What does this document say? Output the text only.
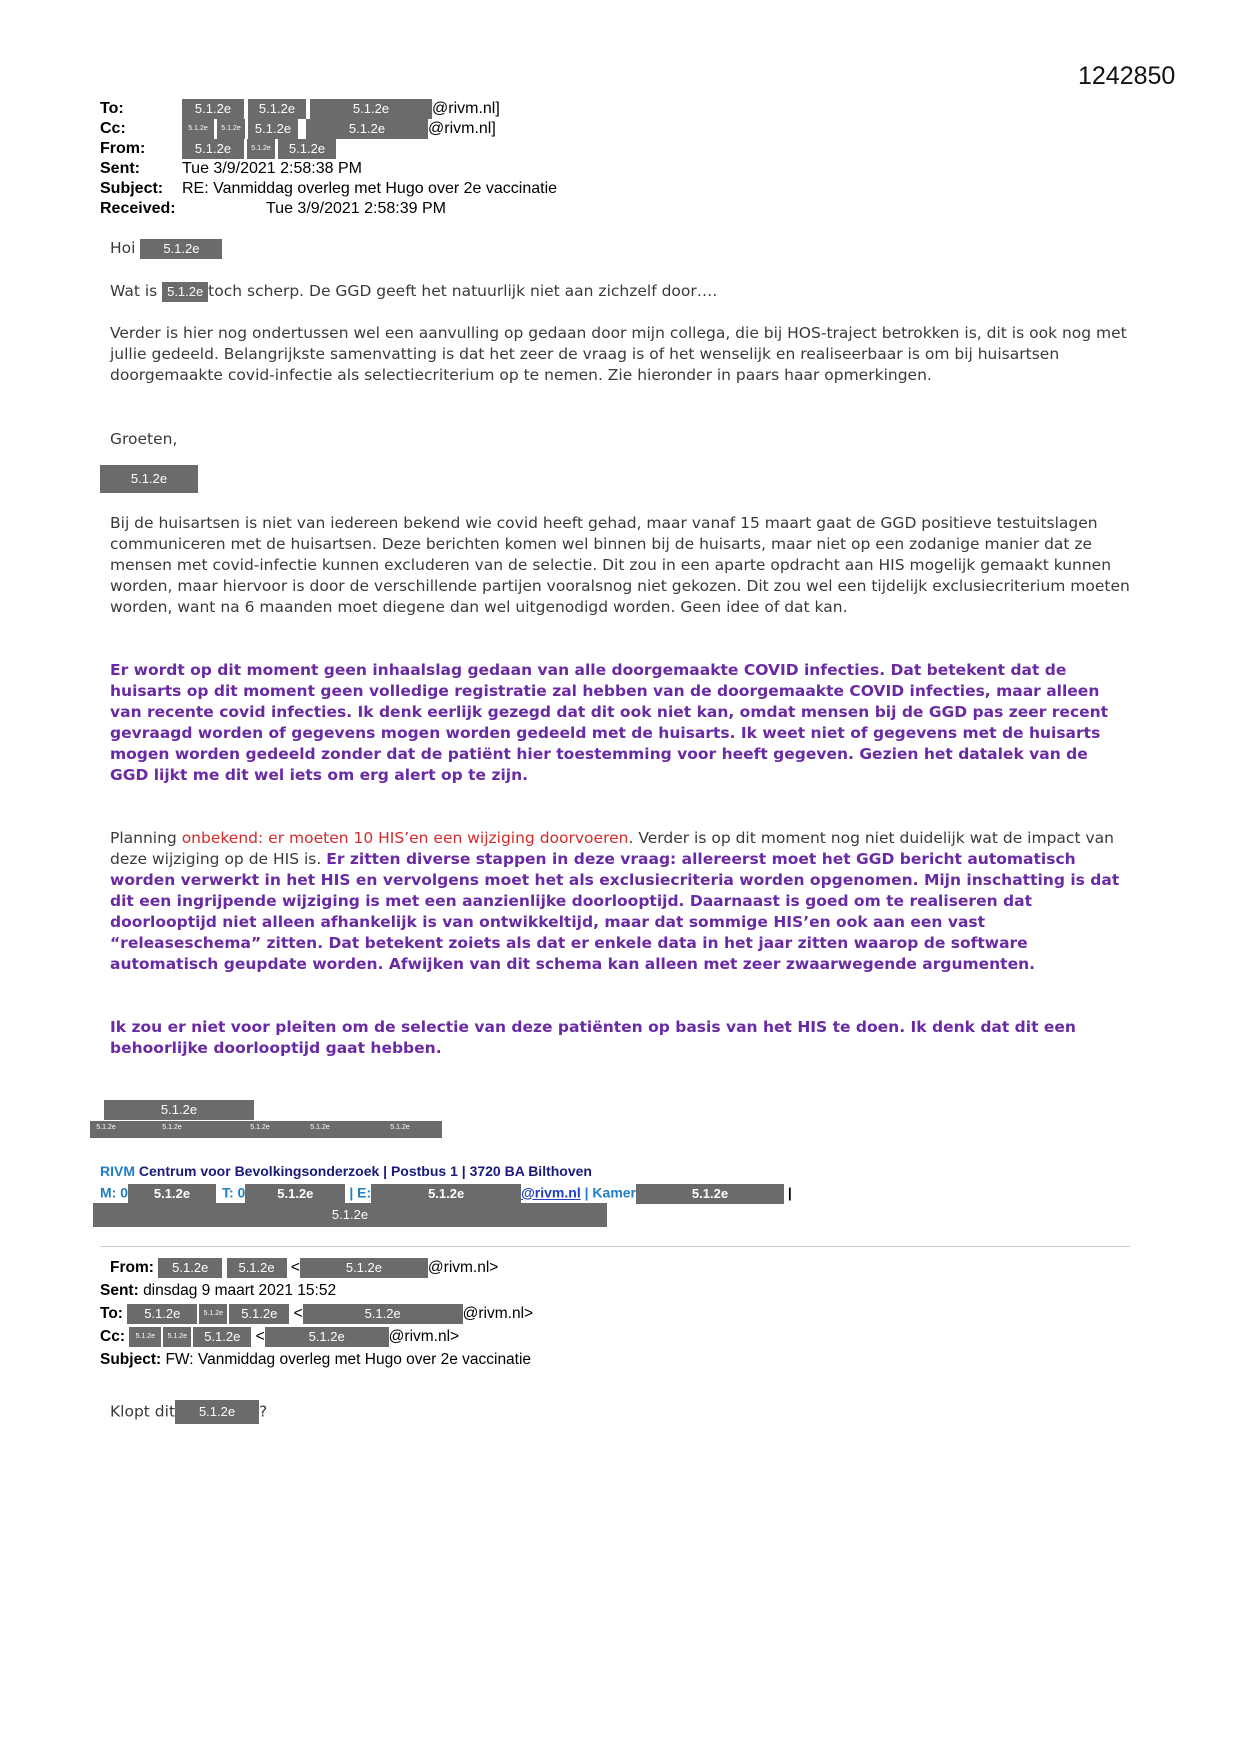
1242850
To:	5.1.2e 5.1.2e	5.1.2e	@rivm.nl]
Cc:	5.1.2e 5.1.2e 5.1.2e	5.1.2e	@rivm.nl]
From:	5.1.2e	5.1.2e 5.1.2e
Sent:	Tue 3/9/2021 2:58:38 PM
Subject: RE: Vanmiddag overleg met Hugo over 2e vaccinatie
Received:	Tue 3/9/2021 2:58:39 PM
Hoi 5.1.2e
Wat is 5.1.2e toch scherp. De GGD geeft het natuurlijk niet aan zichzelf door….
Verder is hier nog ondertussen wel een aanvulling op gedaan door mijn collega, die bij HOS-traject betrokken is, dit is ook nog met jullie gedeeld. Belangrijkste samenvatting is dat het zeer de vraag is of het wenselijk en realiseerbaar is om bij huisartsen doorgemaakte covid-infectie als selectiecriterium op te nemen. Zie hieronder in paars haar opmerkingen.
Groeten,
5.1.2e
Bij de huisartsen is niet van iedereen bekend wie covid heeft gehad, maar vanaf 15 maart gaat de GGD positieve testuitslagen communiceren met de huisartsen. Deze berichten komen wel binnen bij de huisarts, maar niet op een zodanige manier dat ze mensen met covid-infectie kunnen excluderen van de selectie. Dit zou in een aparte opdracht aan HIS mogelijk gemaakt kunnen worden, maar hiervoor is door de verschillende partijen vooralsnog niet gekozen. Dit zou wel een tijdelijk exclusiecriterium moeten worden, want na 6 maanden moet diegene dan wel uitgenodigd worden. Geen idee of dat kan.
Er wordt op dit moment geen inhaalslag gedaan van alle doorgemaakte COVID infecties. Dat betekent dat de huisarts op dit moment geen volledige registratie zal hebben van de doorgemaakte COVID infecties, maar alleen van recente covid infecties. Ik denk eerlijk gezegd dat dit ook niet kan, omdat mensen bij de GGD pas zeer recent gevraagd worden of gegevens mogen worden gedeeld met de huisarts. Ik weet niet of gegevens met de huisarts mogen worden gedeeld zonder dat de patiënt hier toestemming voor heeft gegeven. Gezien het datalek van de GGD lijkt me dit wel iets om erg alert op te zijn.
Planning onbekend: er moeten 10 HIS’en een wijziging doorvoeren. Verder is op dit moment nog niet duidelijk wat de impact van deze wijziging op de HIS is. Er zitten diverse stappen in deze vraag: allereerst moet het GGD bericht automatisch worden verwerkt in het HIS en vervolgens moet het als exclusiecriteria worden opgenomen. Mijn inschatting is dat dit een ingrijpende wijziging is met een aanzienlijke doorlooptijd. Daarnaast is goed om te realiseren dat doorlooptijd niet alleen afhankelijk is van ontwikkeltijd, maar dat sommige HIS’en ook aan een vast “releaseschema” zitten. Dat betekent zoiets als dat er enkele data in het jaar zitten waarop de software automatisch geupdate worden. Afwijken van dit schema kan alleen met zeer zwaarwegende argumenten.
Ik zou er niet voor pleiten om de selectie van deze patiënten op basis van het HIS te doen. Ik denk dat dit een behoorlijke doorlooptijd gaat hebben.
5.1.2e
5.1.2e	5.1.2e	5.1.2e	5.1.2e	5.1.2e
RIVM Centrum voor Bevolkingsonderzoek | Postbus 1 | 3720 BA Bilthoven
M: 0 5.1.2e T: 0 5.1.2e	| E:	5.1.2e	@rivm.nl | Kamer	5.1.2e	|
5.1.2e
From: 5.1.2e 5.1.2e <	5.1.2e	@rivm.nl>
Sent: dinsdag 9 maart 2021 15:52
To: 5.1.2e	5.1.2e 5.1.2e <	5.1.2e	@rivm.nl>
Cc: 5.1.2e 5.1.2e 5.1.2e <	5.1.2e	@rivm.nl>
Subject: FW: Vanmiddag overleg met Hugo over 2e vaccinatie
Klopt dit 5.1.2e ?
